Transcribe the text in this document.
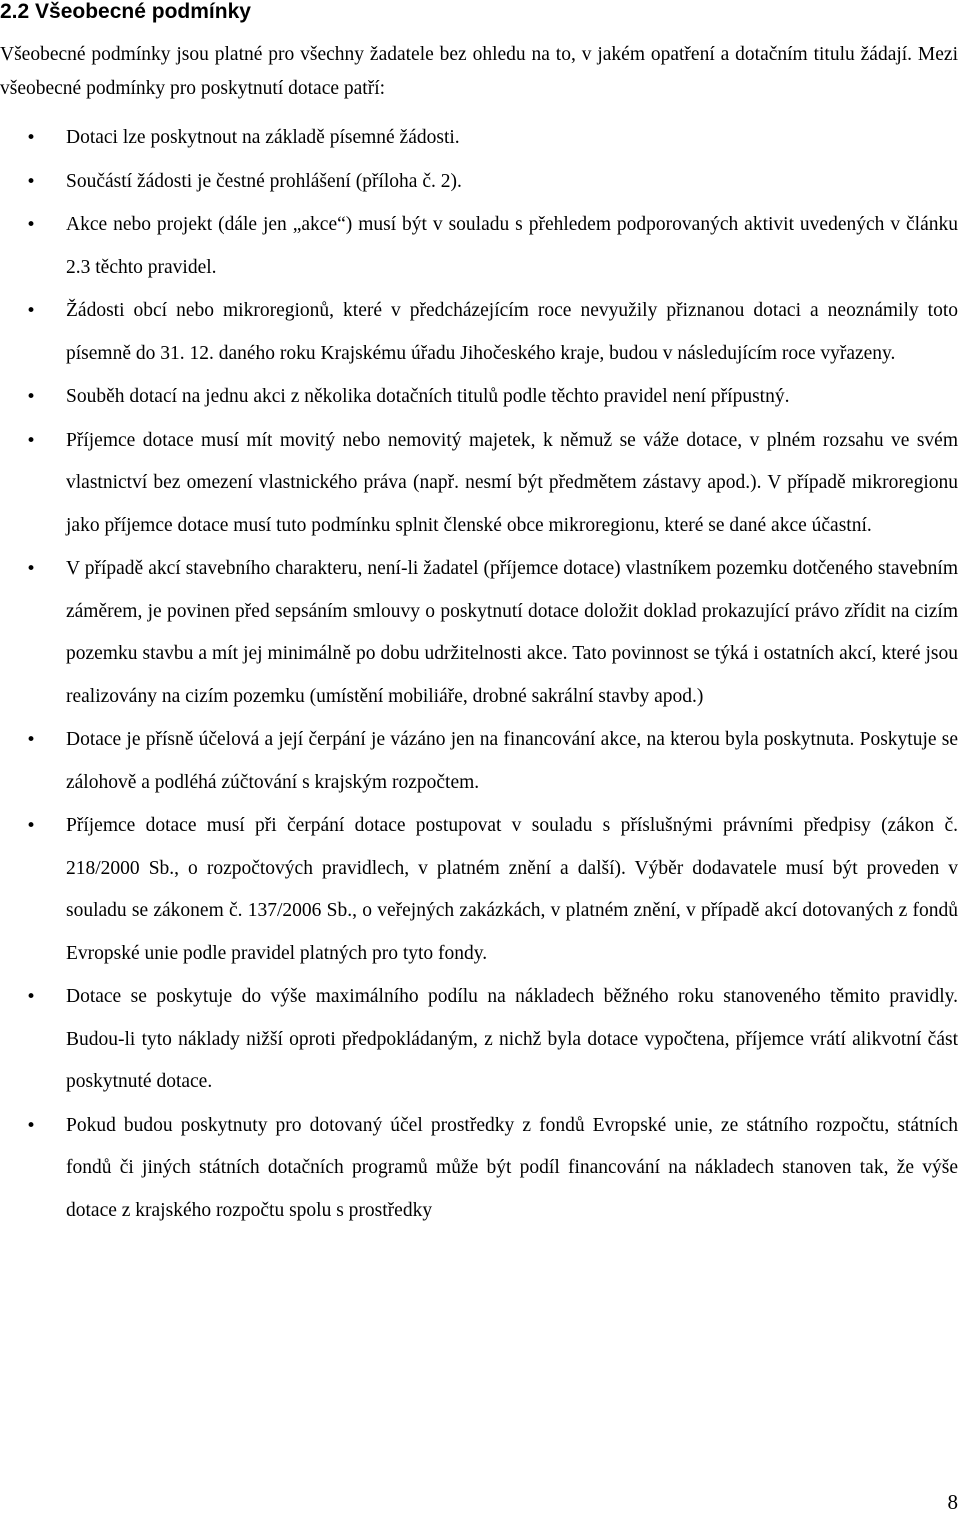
2.2 Všeobecné podmínky

Všeobecné podmínky jsou platné pro všechny žadatele bez ohledu na to, v jakém opatření a dotačním titulu žádají. Mezi všeobecné podmínky pro poskytnutí dotace patří:

• Dotaci lze poskytnout na základě písemné žádosti.
• Součástí žádosti je čestné prohlášení (příloha č. 2).
• Akce nebo projekt (dále jen „akce“) musí být v souladu s přehledem podporovaných aktivit uvedených v článku 2.3 těchto pravidel.
• Žádosti obcí nebo mikroregionů, které v předcházejícím roce nevyužily přiznanou dotaci a neoznámily toto písemně do 31. 12. daného roku Krajskému úřadu Jihočeského kraje, budou v následujícím roce vyřazeny.
• Souběh dotací na jednu akci z několika dotačních titulů podle těchto pravidel není přípustný.
• Příjemce dotace musí mít movitý nebo nemovitý majetek, k němuž se váže dotace, v plném rozsahu ve svém vlastnictví bez omezení vlastnického práva (např. nesmí být předmětem zástavy apod.). V případě mikroregionu jako příjemce dotace musí tuto podmínku splnit členské obce mikroregionu, které se dané akce účastní.
• V případě akcí stavebního charakteru, není-li žadatel (příjemce dotace) vlastníkem pozemku dotčeného stavebním záměrem, je povinen před sepsáním smlouvy o poskytnutí dotace doložit doklad prokazující právo zřídit na cizím pozemku stavbu a mít jej minimálně po dobu udržitelnosti akce. Tato povinnost se týká i ostatních akcí, které jsou realizovány na cizím pozemku (umístění mobiliáře, drobné sakrální stavby apod.)
• Dotace je přísně účelová a její čerpání je vázáno jen na financování akce, na kterou byla poskytnuta. Poskytuje se zálohově a podléhá zúčtování s krajským rozpočtem.
• Příjemce dotace musí při čerpání dotace postupovat v souladu s příslušnými právními předpisy (zákon č. 218/2000 Sb., o rozpočtových pravidlech, v platném znění a další). Výběr dodavatele musí být proveden v souladu se zákonem č. 137/2006 Sb., o veřejných zakázkách, v platném znění, v případě akcí dotovaných z fondů Evropské unie podle pravidel platných pro tyto fondy.
• Dotace se poskytuje do výše maximálního podílu na nákladech běžného roku stanoveného těmito pravidly. Budou-li tyto náklady nižší oproti předpokládaným, z nichž byla dotace vypočtena, příjemce vrátí alikvotní část poskytnuté dotace.
• Pokud budou poskytnuty pro dotovaný účel prostředky z fondů Evropské unie, ze státního rozpočtu, státních fondů či jiných státních dotačních programů může být podíl financování na nákladech stanoven tak, že výše dotace z krajského rozpočtu spolu s prostředky

8
